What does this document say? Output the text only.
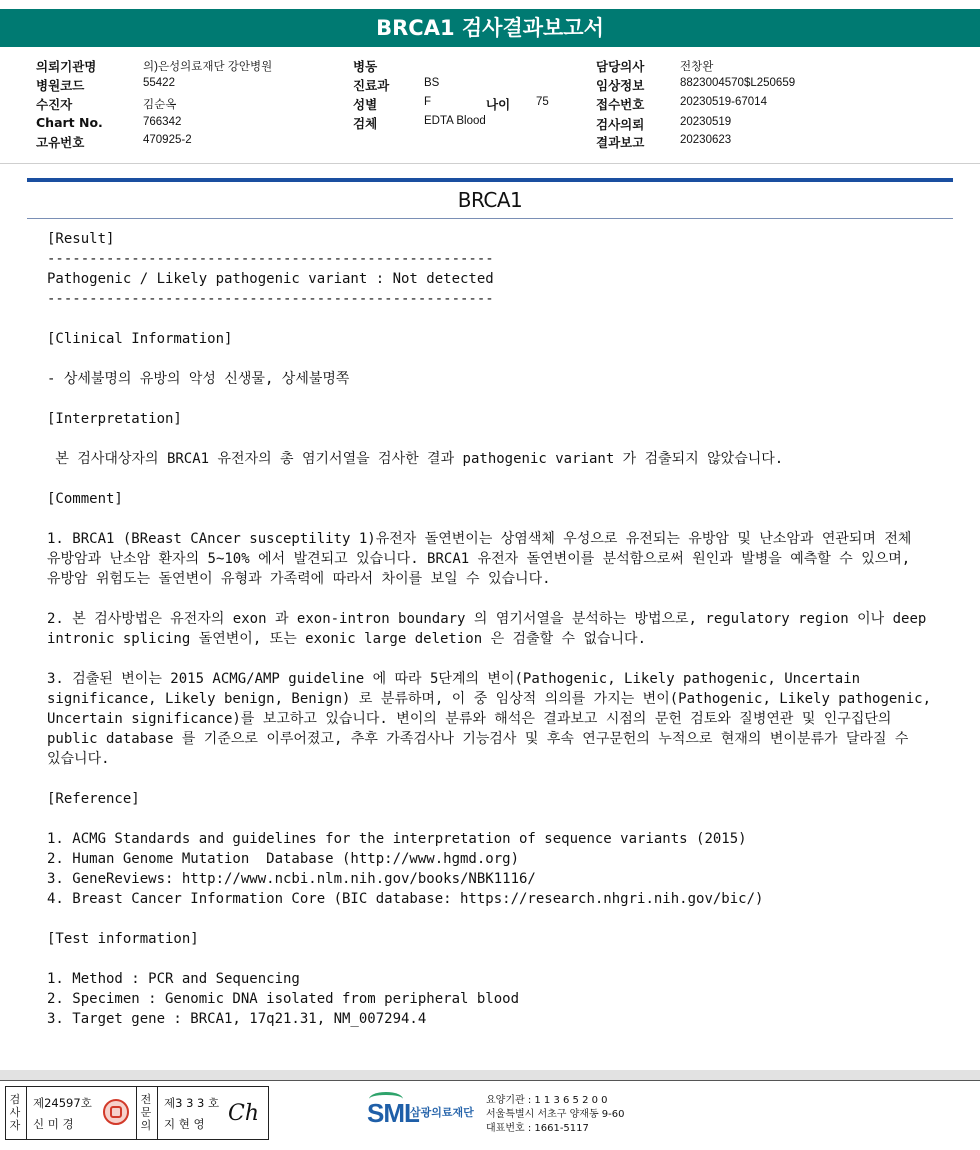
BRCA1 검사결과보고서
의뢰기관명	의)은성의료재단 강안병원
병원코드	55422
수진자	김순옥
Chart No.	766342
고유번호	470925-2
병동
진료과	BS
성별	F	나이 75
검체	EDTA Blood
담당의사	전창완
임상정보	8823004570$L250659
접수번호	20230519-67014
검사의뢰	20230519
결과보고	20230623
BRCA1
[Result]
-----------------------------------------------------
Pathogenic / Likely pathogenic variant : Not detected
-----------------------------------------------------
[Clinical Information]
- 상세불명의 유방의 악성 신생물, 상세불명쪽
[Interpretation]
본 검사대상자의 BRCA1 유전자의 총 염기서열을 검사한 결과 pathogenic variant 가 검출되지 않았습니다.
[Comment]
1. BRCA1 (BReast CAncer susceptility 1)유전자 돌연변이는 상염색체 우성으로 유전되는 유방암 및 난소암과 연관되며 전체 유방암과 난소암 환자의 5~10% 에서 발견되고 있습니다. BRCA1 유전자 돌연변이를 분석함으로써 원인과 발병을 예측할 수 있으며, 유방암 위험도는 돌연변이 유형과 가족력에 따라서 차이를 보일 수 있습니다.
2. 본 검사방법은 유전자의 exon 과 exon-intron boundary 의 염기서열을 분석하는 방법으로, regulatory region 이나 deep intronic splicing 돌연변이, 또는 exonic large deletion 은 검출할 수 없습니다.
3. 검출된 변이는 2015 ACMG/AMP guideline 에 따라 5단계의 변이(Pathogenic, Likely pathogenic, Uncertain significance, Likely benign, Benign) 로 분류하며, 이 중 임상적 의의를 가지는 변이(Pathogenic, Likely pathogenic, Uncertain significance)를 보고하고 있습니다. 변이의 분류와 해석은 결과보고 시점의 문헌 검토와 질병연관 및 인구집단의 public database 를 기준으로 이루어졌고, 추후 가족검사나 기능검사 및 후속 연구문헌의 누적으로 현재의 변이분류가 달라질 수 있습니다.
[Reference]
1. ACMG Standards and guidelines for the interpretation of sequence variants (2015)
2. Human Genome Mutation  Database (http://www.hgmd.org)
3. GeneReviews: http://www.ncbi.nlm.nih.gov/books/NBK1116/
4. Breast Cancer Information Core (BIC database: https://research.nhgri.nih.gov/bic/)
[Test information]
1. Method : PCR and Sequencing
2. Specimen : Genomic DNA isolated from peripheral blood
3. Target gene : BRCA1, 17q21.31, NM_007294.4
검
사
자
제24597호
신 미 경
전
문
의
제3 3 3 호
지 현 영 Ch	SML
삼광의료재단
요양기관 : 1 1 3 6 5 2 0 0
서울특별시 서초구 양재동 9-60
대표번호 : 1661-5117
